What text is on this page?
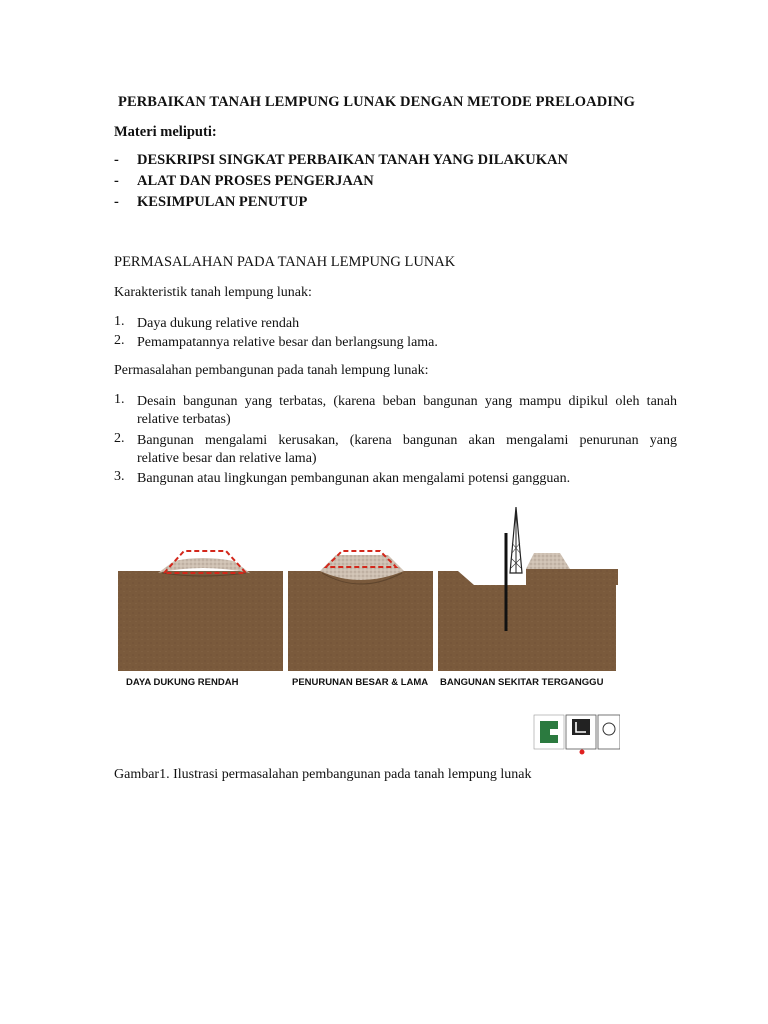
PERBAIKAN TANAH LEMPUNG LUNAK DENGAN METODE PRELOADING
Materi meliputi:
- DESKRIPSI SINGKAT PERBAIKAN TANAH YANG DILAKUKAN
- ALAT DAN PROSES PENGERJAAN
- KESIMPULAN PENUTUP
PERMASALAHAN PADA TANAH LEMPUNG LUNAK
Karakteristik tanah lempung lunak:
1. Daya dukung relative rendah
2. Pemampatannya relative besar dan berlangsung lama.
Permasalahan pembangunan pada tanah lempung lunak:
1. Desain bangunan yang terbatas, (karena beban bangunan yang mampu dipikul oleh tanah
relative terbatas)
2. Bangunan mengalami kerusakan, (karena bangunan akan mengalami penurunan yang
relative besar dan relative lama)
3. Bangunan atau lingkungan pembangunan akan mengalami potensi gangguan.
DAYA DUKUNG RENDAH	PENURUNAN BESAR & LAMA BANGUNAN SEKITAR TERGANGGU
Gambar1. Ilustrasi permasalahan pembangunan pada tanah lempung lunak
